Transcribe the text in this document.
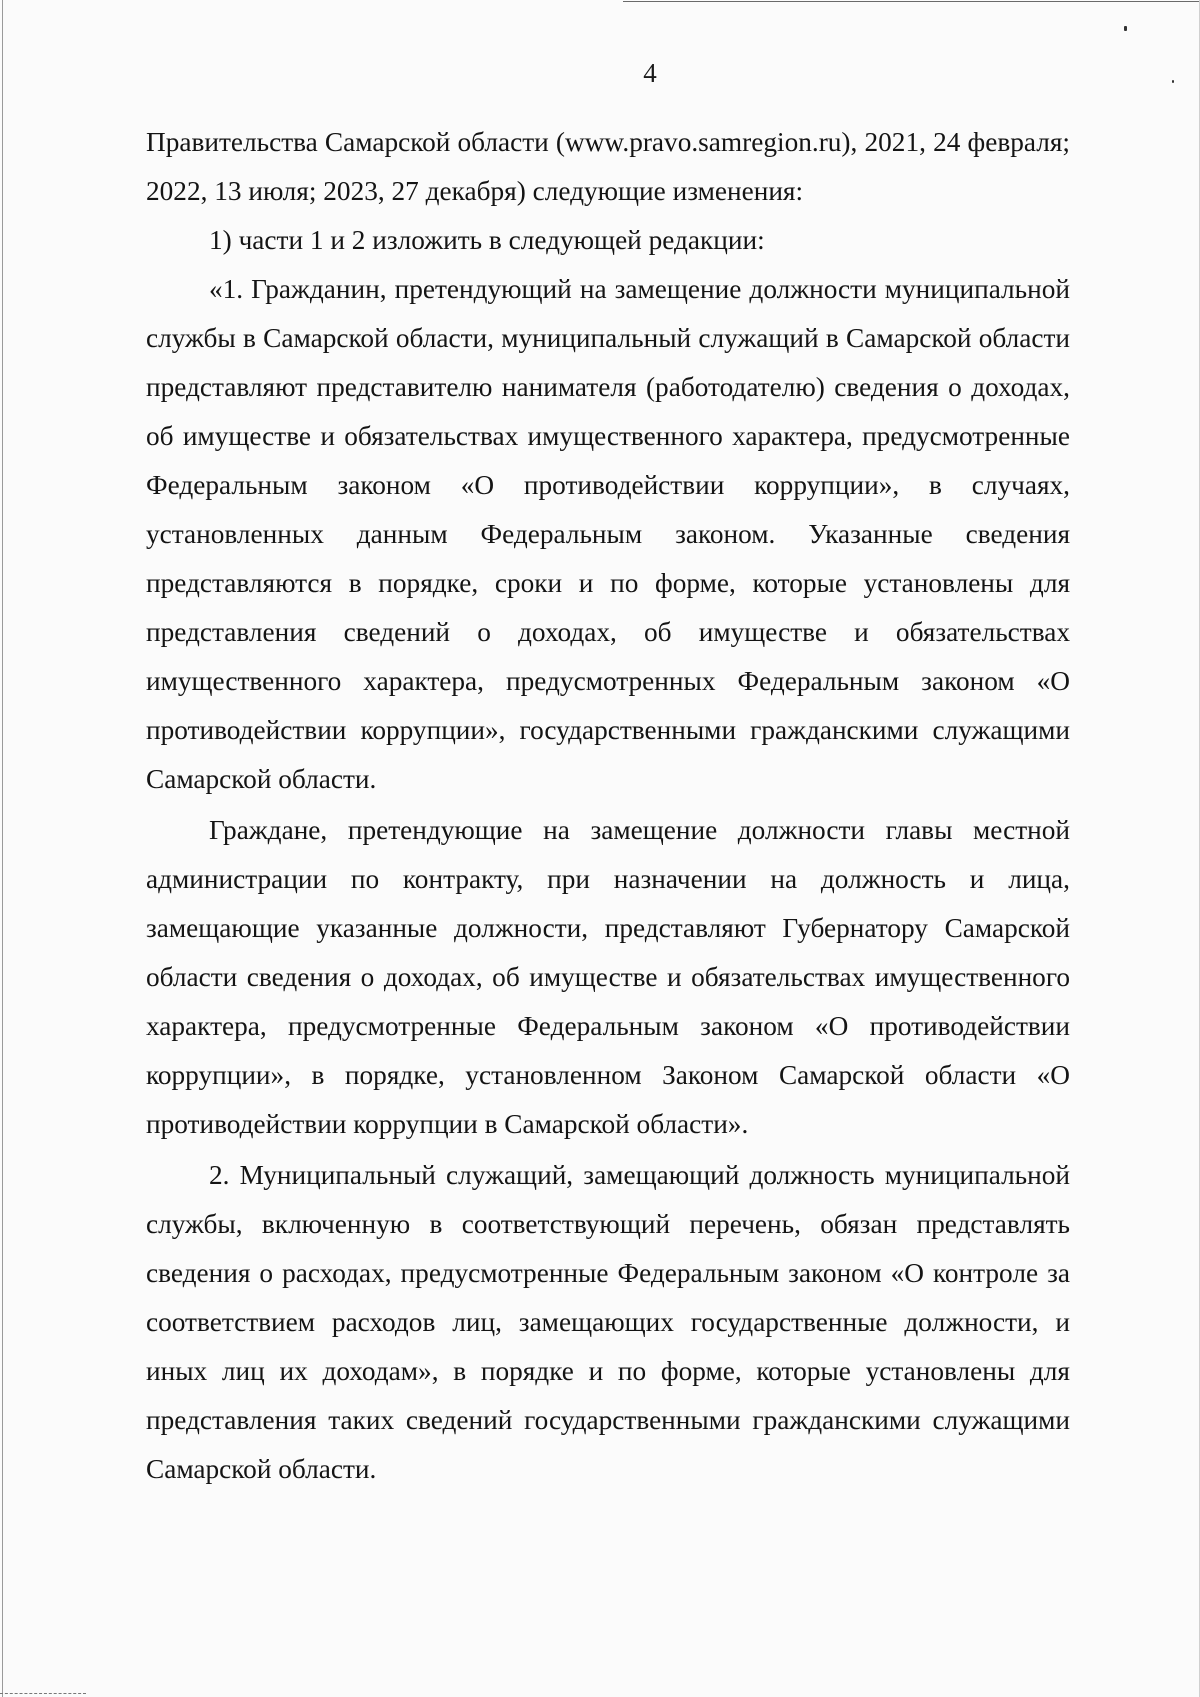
4

Правительства Самарской области (www.pravo.samregion.ru), 2021, 24 февраля; 2022, 13 июля; 2023, 27 декабря) следующие изменения:

1) части 1 и 2 изложить в следующей редакции:

«1. Гражданин, претендующий на замещение должности муниципальной службы в Самарской области, муниципальный служащий в Самарской области представляют представителю нанимателя (работодателю) сведения о доходах, об имуществе и обязательствах имущественного характера, предусмотренные Федеральным законом «О противодействии коррупции», в случаях, установленных данным Федеральным законом. Указанные сведения представляются в порядке, сроки и по форме, которые установлены для представления сведений о доходах, об имуществе и обязательствах имущественного характера, предусмотренных Федеральным законом «О противодействии коррупции», государственными гражданскими служащими Самарской области.

Граждане, претендующие на замещение должности главы местной администрации по контракту, при назначении на должность и лица, замещающие указанные должности, представляют Губернатору Самарской области сведения о доходах, об имуществе и обязательствах имущественного характера, предусмотренные Федеральным законом «О противодействии коррупции», в порядке, установленном Законом Самарской области «О противодействии коррупции в Самарской области».

2. Муниципальный служащий, замещающий должность муниципальной службы, включенную в соответствующий перечень, обязан представлять сведения о расходах, предусмотренные Федеральным законом «О контроле за соответствием расходов лиц, замещающих государственные должности, и иных лиц их доходам», в порядке и по форме, которые установлены для представления таких сведений государственными гражданскими служащими Самарской области.
